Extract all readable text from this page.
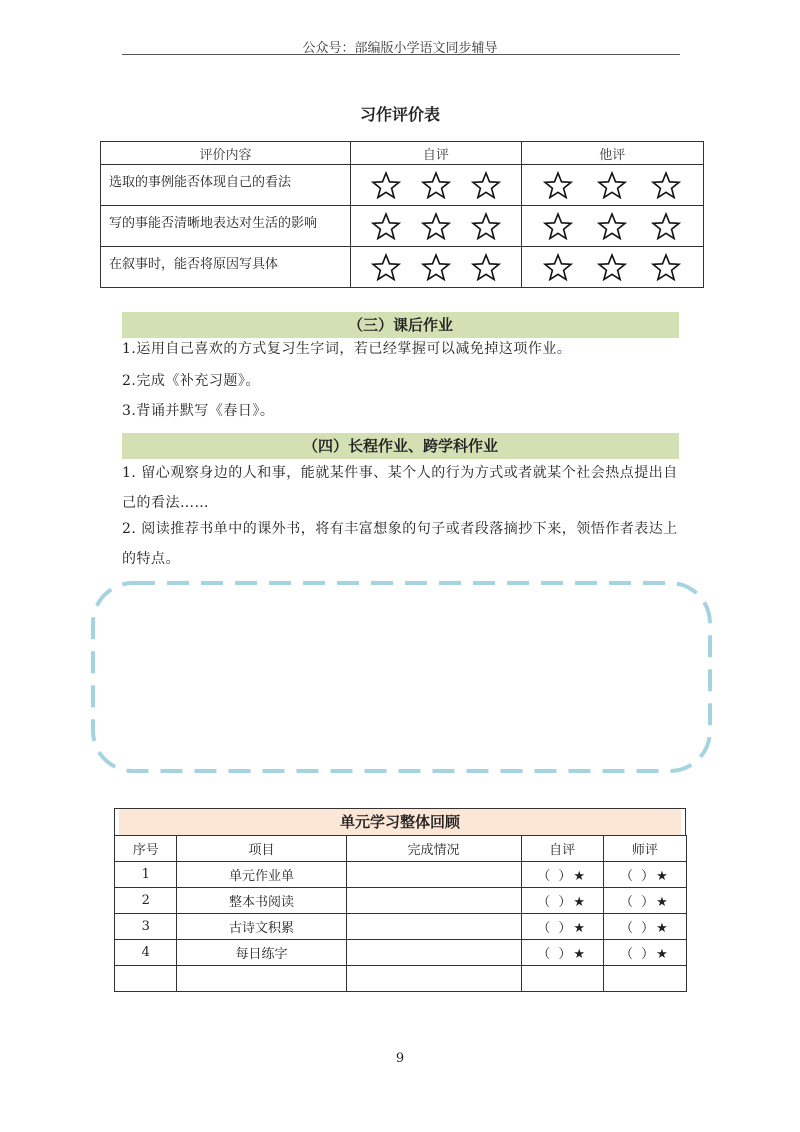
公众号：部编版小学语文同步辅导
习作评价表
评价内容	自评	他评
选取的事例能否体现自己的看法	

写的事能否清晰地表达对生活的影响	

在叙事时，能否将原因写具体	

（三）课后作业
1.运用自己喜欢的方式复习生字词，若已经掌握可以减免掉这项作业。
2.完成《补充习题》。
3.背诵并默写《春日》。
（四）长程作业、跨学科作业
1. 留心观察身边的人和事，能就某件事、某个人的行为方式或者就某个社会热点提出自己的看法……
2. 阅读推荐书单中的课外书，将有丰富想象的句子或者段落摘抄下来，领悟作者表达上的特点。
单元学习整体回顾
序号	项目	完成情况	自评	师评
1	单元作业单		（ ）★	（ ）★
2	整本书阅读		（ ）★	（ ）★
3	古诗文积累		（ ）★	（ ）★
4	每日练字		（ ）★	（ ）★

9
